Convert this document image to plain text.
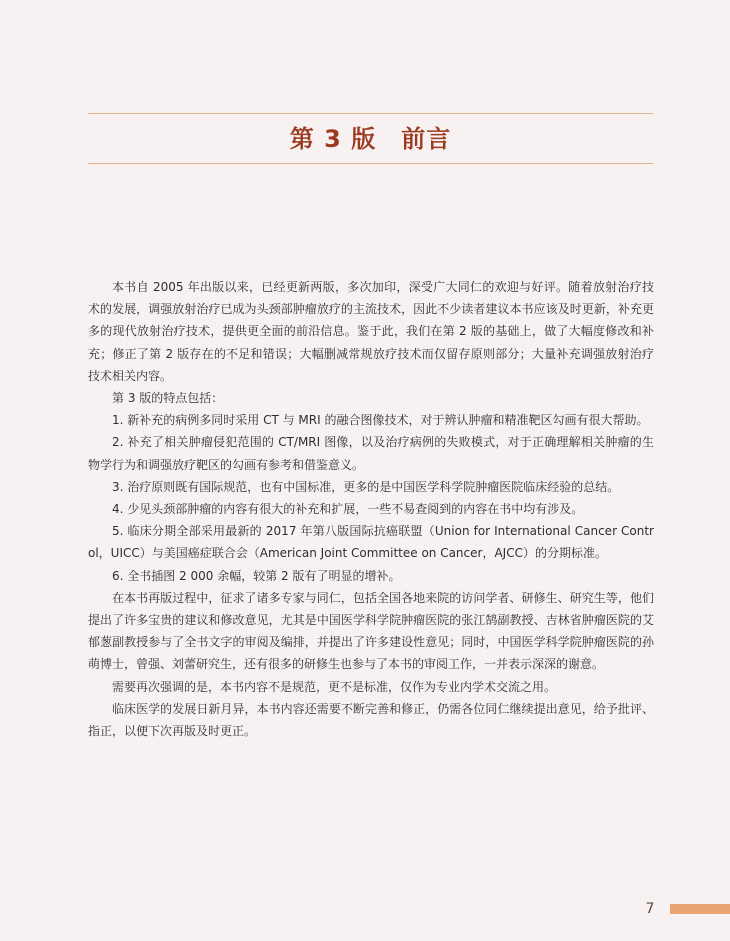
第 3 版　前言

本书自 2005 年出版以来，已经更新两版，多次加印，深受广大同仁的欢迎与好评。随着放射治疗技术的发展，调强放射治疗已成为头颈部肿瘤放疗的主流技术，因此不少读者建议本书应该及时更新，补充更多的现代放射治疗技术，提供更全面的前沿信息。鉴于此，我们在第 2 版的基础上，做了大幅度修改和补充；修正了第 2 版存在的不足和错误；大幅删减常规放疗技术而仅留存原则部分；大量补充调强放射治疗技术相关内容。

第 3 版的特点包括：

1. 新补充的病例多同时采用 CT 与 MRI 的融合图像技术，对于辨认肿瘤和精准靶区勾画有很大帮助。

2. 补充了相关肿瘤侵犯范围的 CT/MRI 图像，以及治疗病例的失败模式，对于正确理解相关肿瘤的生物学行为和调强放疗靶区的勾画有参考和借鉴意义。

3. 治疗原则既有国际规范，也有中国标准，更多的是中国医学科学院肿瘤医院临床经验的总结。

4. 少见头颈部肿瘤的内容有很大的补充和扩展，一些不易查阅到的内容在书中均有涉及。

5. 临床分期全部采用最新的 2017 年第八版国际抗癌联盟（Union for International Cancer Control，UICC）与美国癌症联合会（American Joint Committee on Cancer，AJCC）的分期标准。

6. 全书插图 2 000 余幅，较第 2 版有了明显的增补。

在本书再版过程中，征求了诸多专家与同仁，包括全国各地来院的访问学者、研修生、研究生等，他们提出了许多宝贵的建议和修改意见，尤其是中国医学科学院肿瘤医院的张江鹄副教授、吉林省肿瘤医院的艾郁葱副教授参与了全书文字的审阅及编排，并提出了许多建设性意见；同时，中国医学科学院肿瘤医院的孙萌博士，曾强、刘蕾研究生，还有很多的研修生也参与了本书的审阅工作，一并表示深深的谢意。

需要再次强调的是，本书内容不是规范，更不是标准，仅作为专业内学术交流之用。

临床医学的发展日新月异，本书内容还需要不断完善和修正，仍需各位同仁继续提出意见，给予批评、指正，以便下次再版及时更正。

7
